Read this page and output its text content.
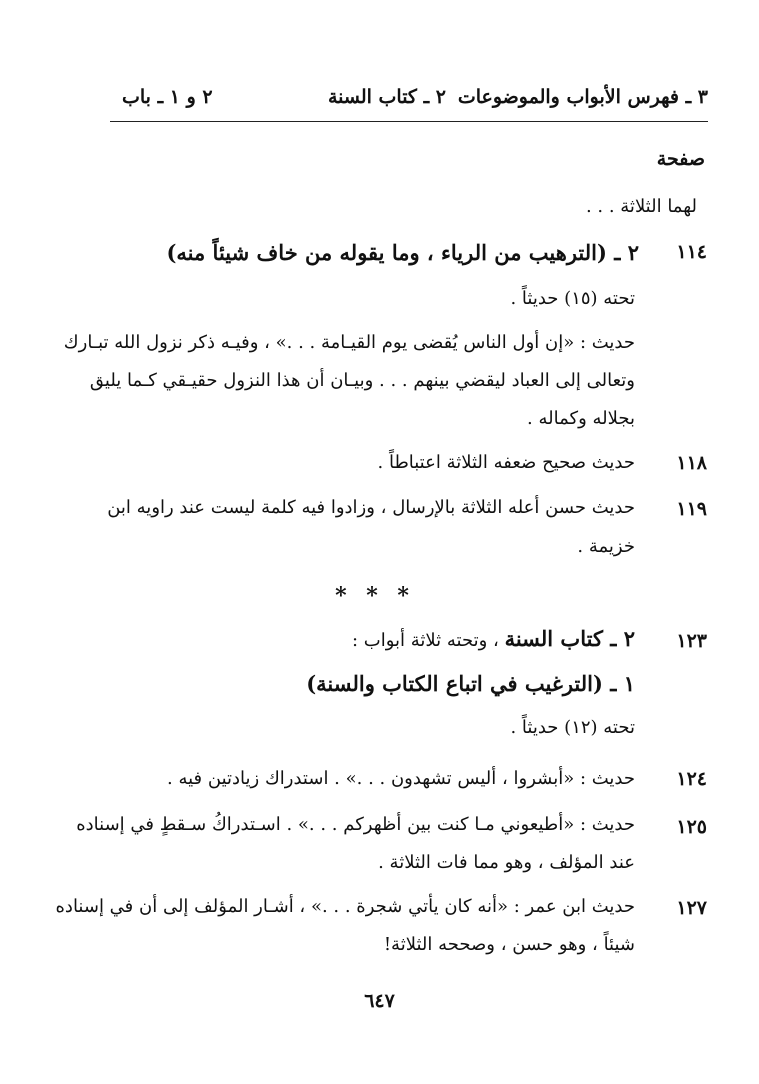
٣ ـ فهرس الأبواب والموضوعات
٢ ـ كتاب السنة
٢ و ١ ـ باب
صفحة
لهما الثلاثة . . .
١١٤
٢ ـ (الترهيب من الرياء ، وما يقوله من خاف شيئاً منه)
تحته (١٥) حديثاً .
حديث : «إن أول الناس يُقضى يوم القيـامة . . .» ، وفيـه ذكر نزول الله تبـارك
وتعالى إلى العباد ليقضي بينهم . . . وبيـان أن هذا النزول حقيـقي كـما يليق
بجلاله وكماله .
١١٨
حديث صحيح ضعفه الثلاثة اعتباطاً .
١١٩
حديث حسن أعله الثلاثة بالإرسال ، وزادوا فيه كلمة ليست عند راويه ابن
خزيمة .
* * *
١٢٣
٢ ـ كتاب السنة ، وتحته ثلاثة أبواب :
١ ـ (الترغيب في اتباع الكتاب والسنة)
تحته (١٢) حديثاً .
١٢٤
حديث : «أبشروا ، أليس تشهدون . . .» . استدراك زيادتين فيه .
١٢٥
حديث : «أطيعوني مـا كنت بين أظهركم . . .» . اسـتدراكُ سـقطٍ في إسناده
عند المؤلف ، وهو مما فات الثلاثة .
١٢٧
حديث ابن عمر : «أنه كان يأتي شجرة . . .» ، أشـار المؤلف إلى أن في إسناده
شيئاً ، وهو حسن ، وصححه الثلاثة!
٦٤٧
